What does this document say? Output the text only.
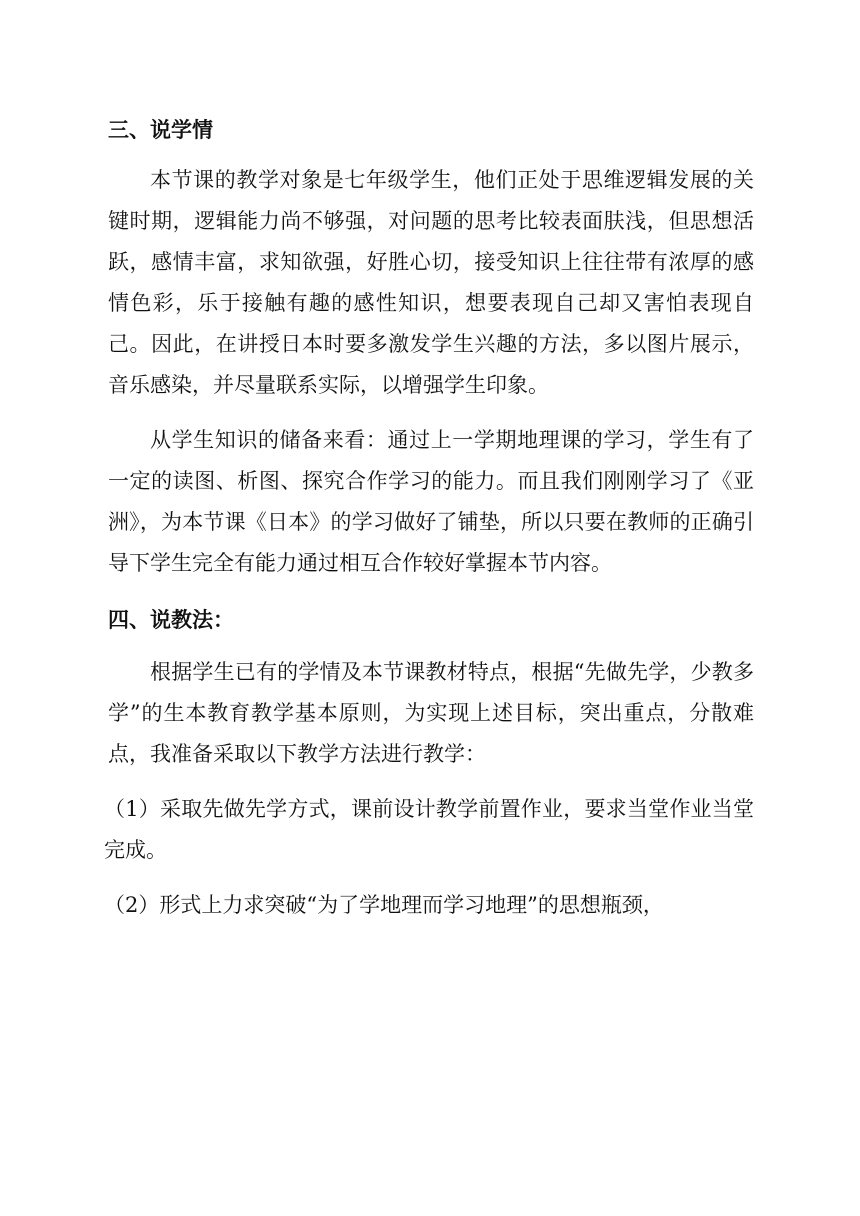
三、说学情

本节课的教学对象是七年级学生，他们正处于思维逻辑发展的关键时期，逻辑能力尚不够强，对问题的思考比较表面肤浅，但思想活跃，感情丰富，求知欲强，好胜心切，接受知识上往往带有浓厚的感情色彩，乐于接触有趣的感性知识，想要表现自己却又害怕表现自己。因此，在讲授日本时要多激发学生兴趣的方法，多以图片展示，音乐感染，并尽量联系实际，以增强学生印象。

从学生知识的储备来看：通过上一学期地理课的学习，学生有了一定的读图、析图、探究合作学习的能力。而且我们刚刚学习了《亚洲》，为本节课《日本》的学习做好了铺垫，所以只要在教师的正确引导下学生完全有能力通过相互合作较好掌握本节内容。

四、说教法：

根据学生已有的学情及本节课教材特点，根据“先做先学，少教多学”的生本教育教学基本原则，为实现上述目标，突出重点，分散难点，我准备采取以下教学方法进行教学：

（1）采取先做先学方式，课前设计教学前置作业，要求当堂作业当堂完成。

（2）形式上力求突破“为了学地理而学习地理”的思想瓶颈，
